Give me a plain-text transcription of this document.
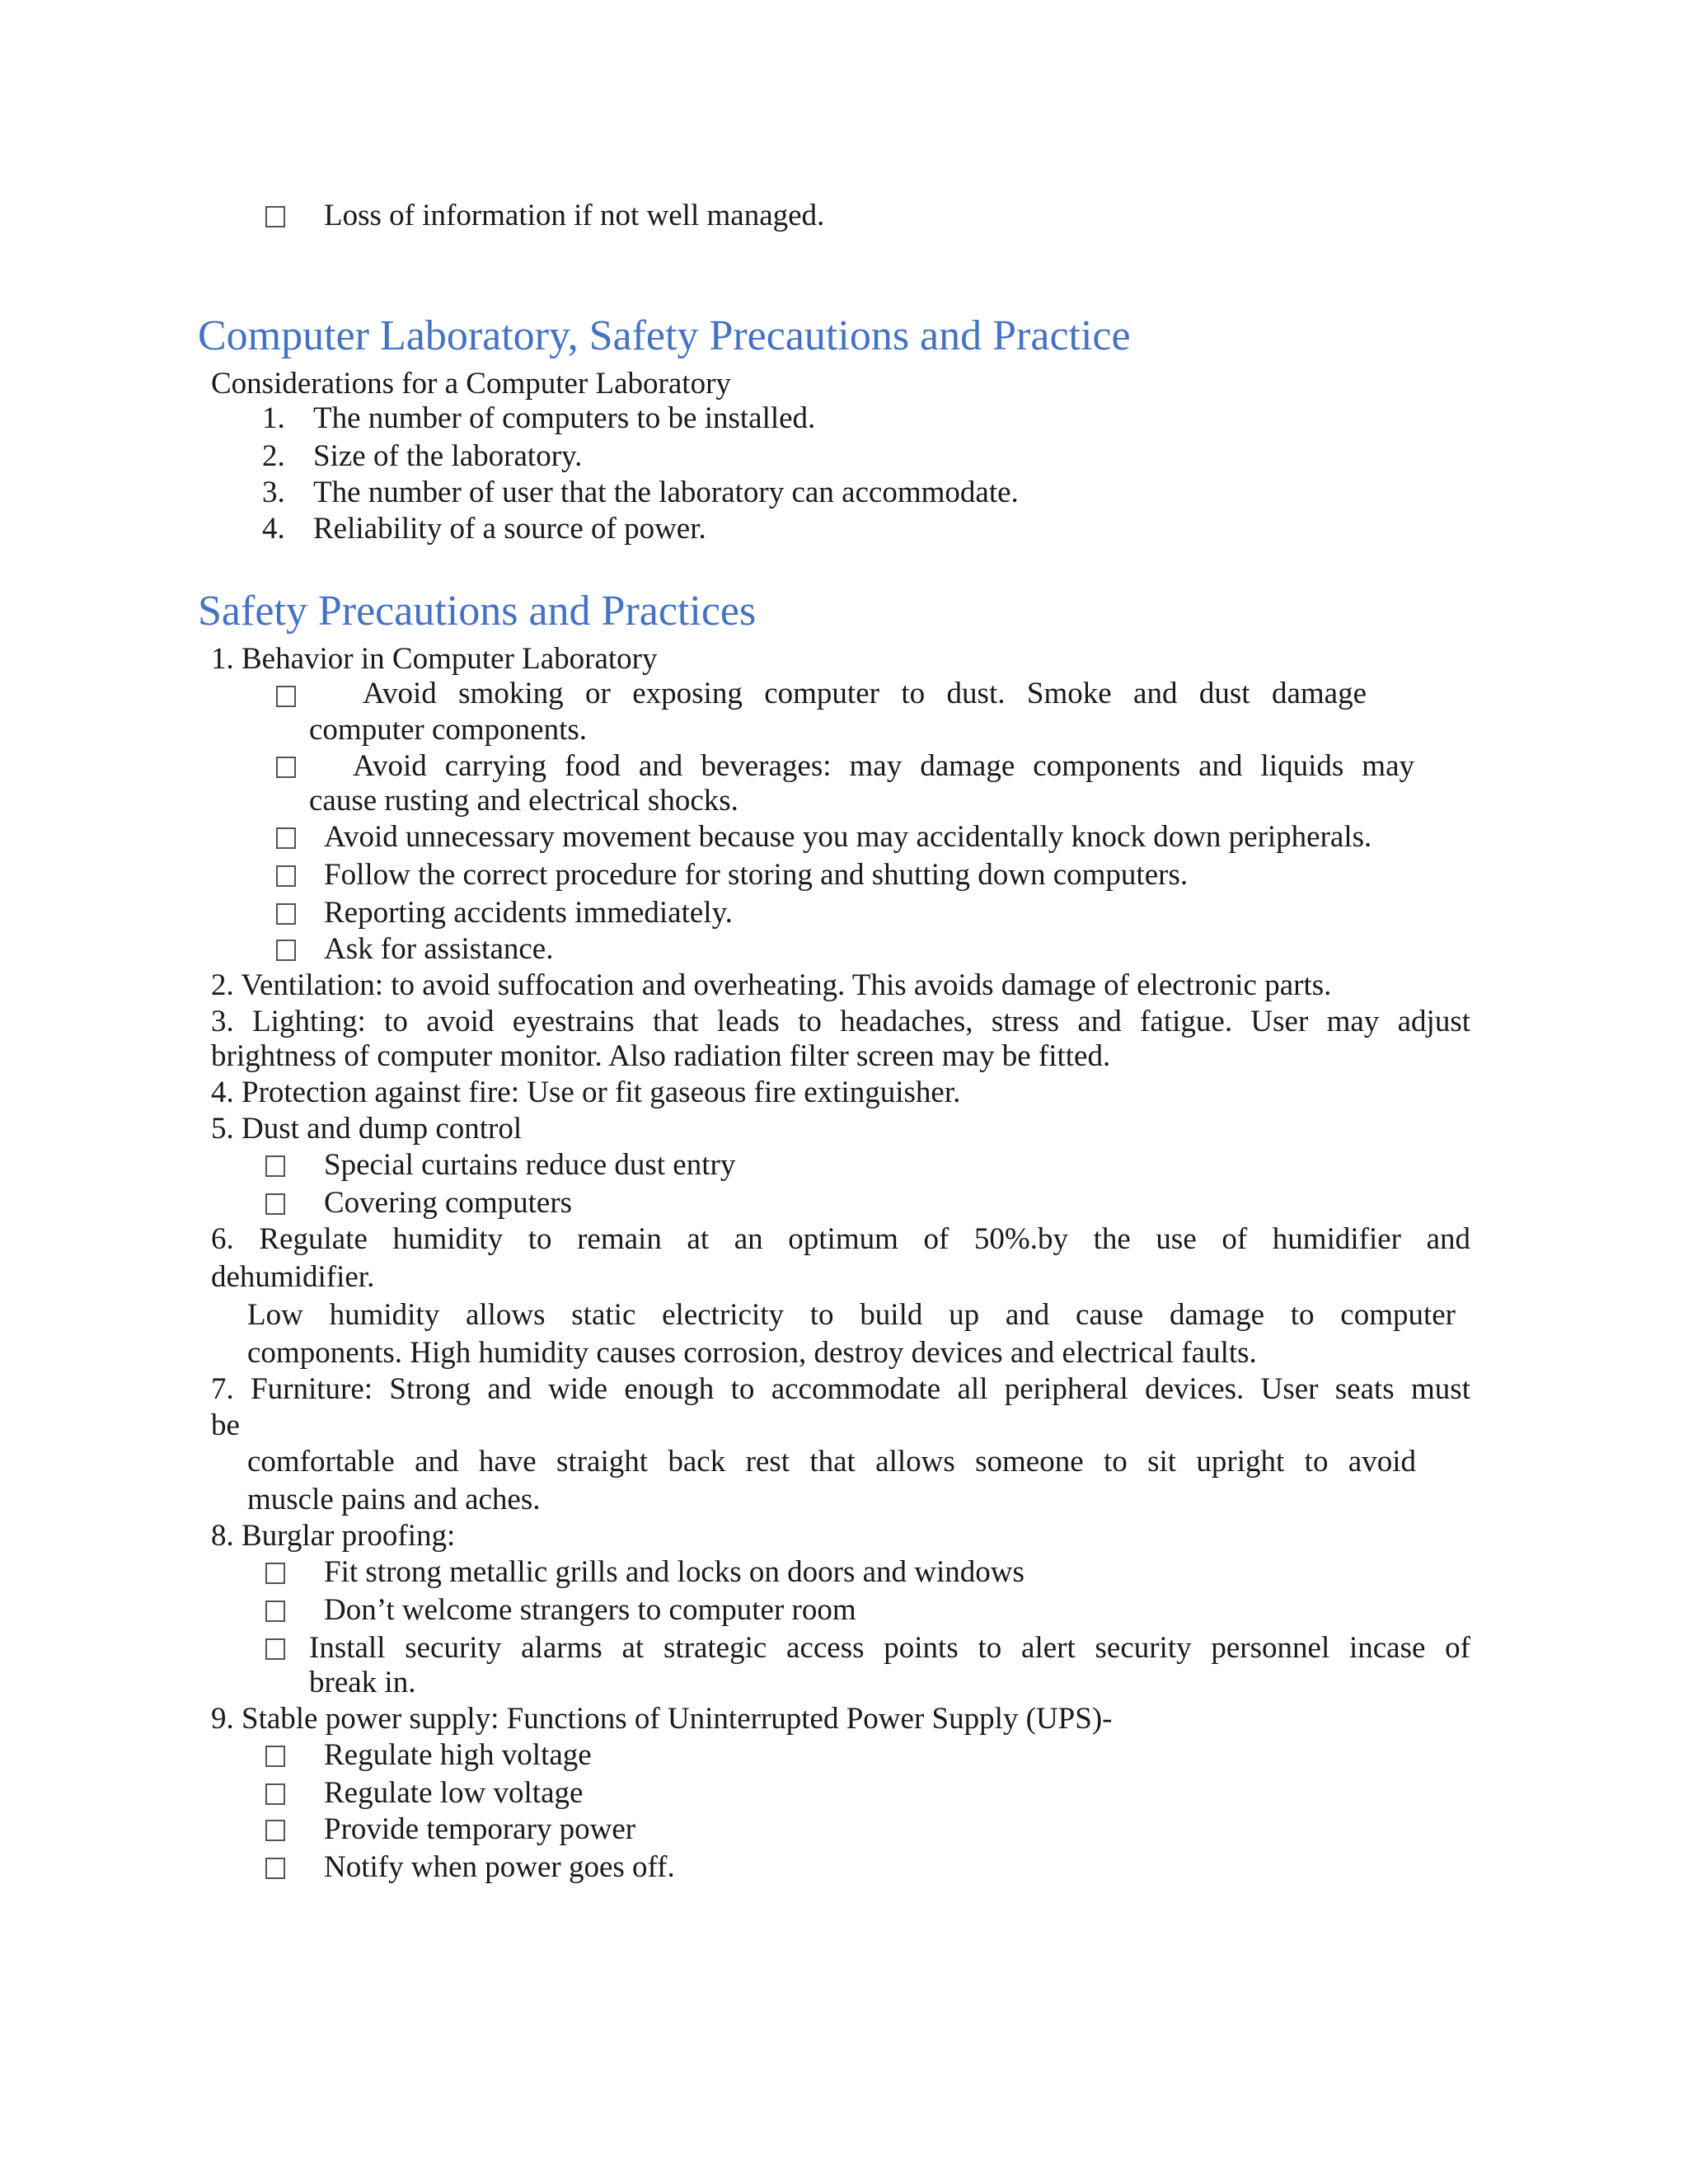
Loss of information if not well managed.
Computer Laboratory, Safety Precautions and Practice
Considerations for a Computer Laboratory
1. The number of computers to be installed.
2. Size of the laboratory.
3. The number of user that the laboratory can accommodate.
4. Reliability of a source of power.
Safety Precautions and Practices
1. Behavior in Computer Laboratory
Avoid smoking or exposing computer to dust. Smoke and dust damage
computer components.
Avoid carrying food and beverages: may damage components and liquids may
cause rusting and electrical shocks.
Avoid unnecessary movement because you may accidentally knock down peripherals.
Follow the correct procedure for storing and shutting down computers.
Reporting accidents immediately.
Ask for assistance.
2. Ventilation: to avoid suffocation and overheating. This avoids damage of electronic parts.
3. Lighting: to avoid eyestrains that leads to headaches, stress and fatigue. User may adjust
brightness of computer monitor. Also radiation filter screen may be fitted.
4. Protection against fire: Use or fit gaseous fire extinguisher.
5. Dust and dump control
Special curtains reduce dust entry
Covering computers
6. Regulate humidity to remain at an optimum of 50%.by the use of humidifier and
dehumidifier.
Low humidity allows static electricity to build up and cause damage to computer
components. High humidity causes corrosion, destroy devices and electrical faults.
7. Furniture: Strong and wide enough to accommodate all peripheral devices. User seats must
be
comfortable and have straight back rest that allows someone to sit upright to avoid
muscle pains and aches.
8. Burglar proofing:
Fit strong metallic grills and locks on doors and windows
Don’t welcome strangers to computer room
Install security alarms at strategic access points to alert security personnel incase of
break in.
9. Stable power supply: Functions of Uninterrupted Power Supply (UPS)-
Regulate high voltage
Regulate low voltage
Provide temporary power
Notify when power goes off.
